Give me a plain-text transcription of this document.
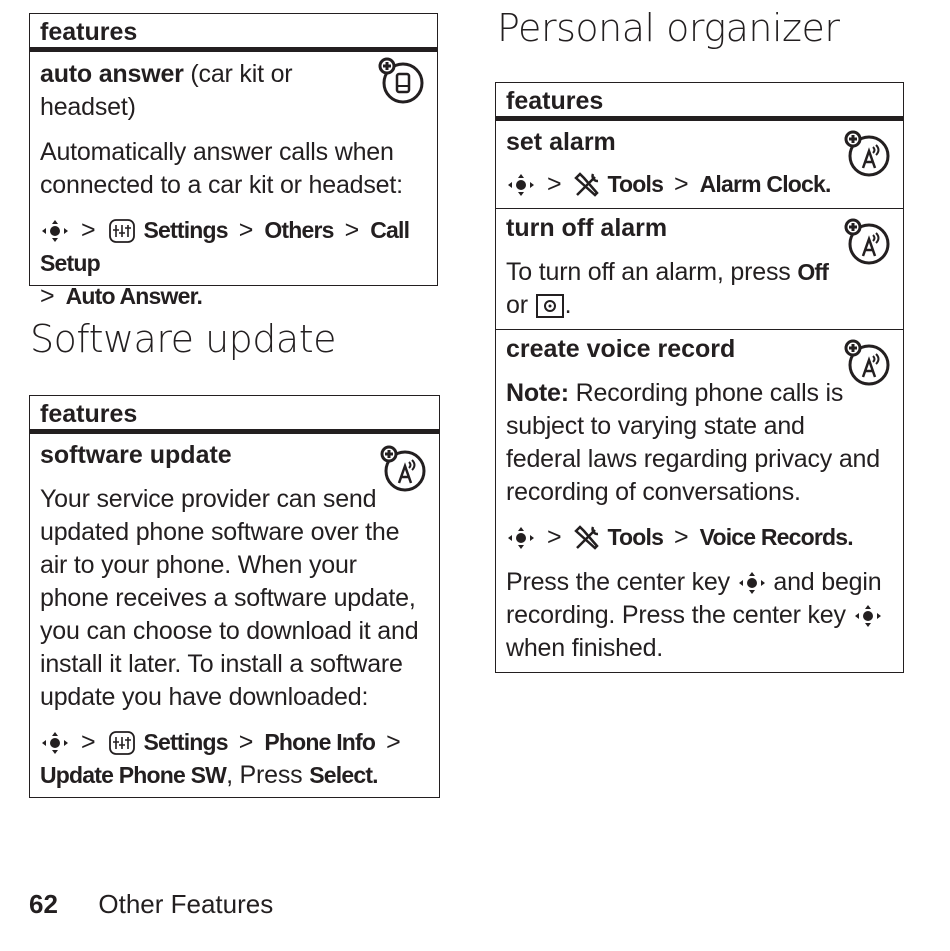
features
auto answer (car kit or headset)
Automatically answer calls when connected to a car kit or headset:
> Settings > Others > Call Setup
> Auto Answer.
Software update
features
software update
Your service provider can send updated phone software over the air to your phone. When your phone receives a software update, you can choose to download it and install it later. To install a software update you have downloaded:
> Settings > Phone Info > Update Phone SW, Press Select.
Personal organizer
features
set alarm
> Tools > Alarm Clock.
turn off alarm
To turn off an alarm, press Off
or .
create voice record
Note: Recording phone calls is subject to varying state and federal laws regarding privacy and recording of conversations.
> Tools > Voice Records.
Press the center key  and begin recording. Press the center key
when finished.
62 Other Features
